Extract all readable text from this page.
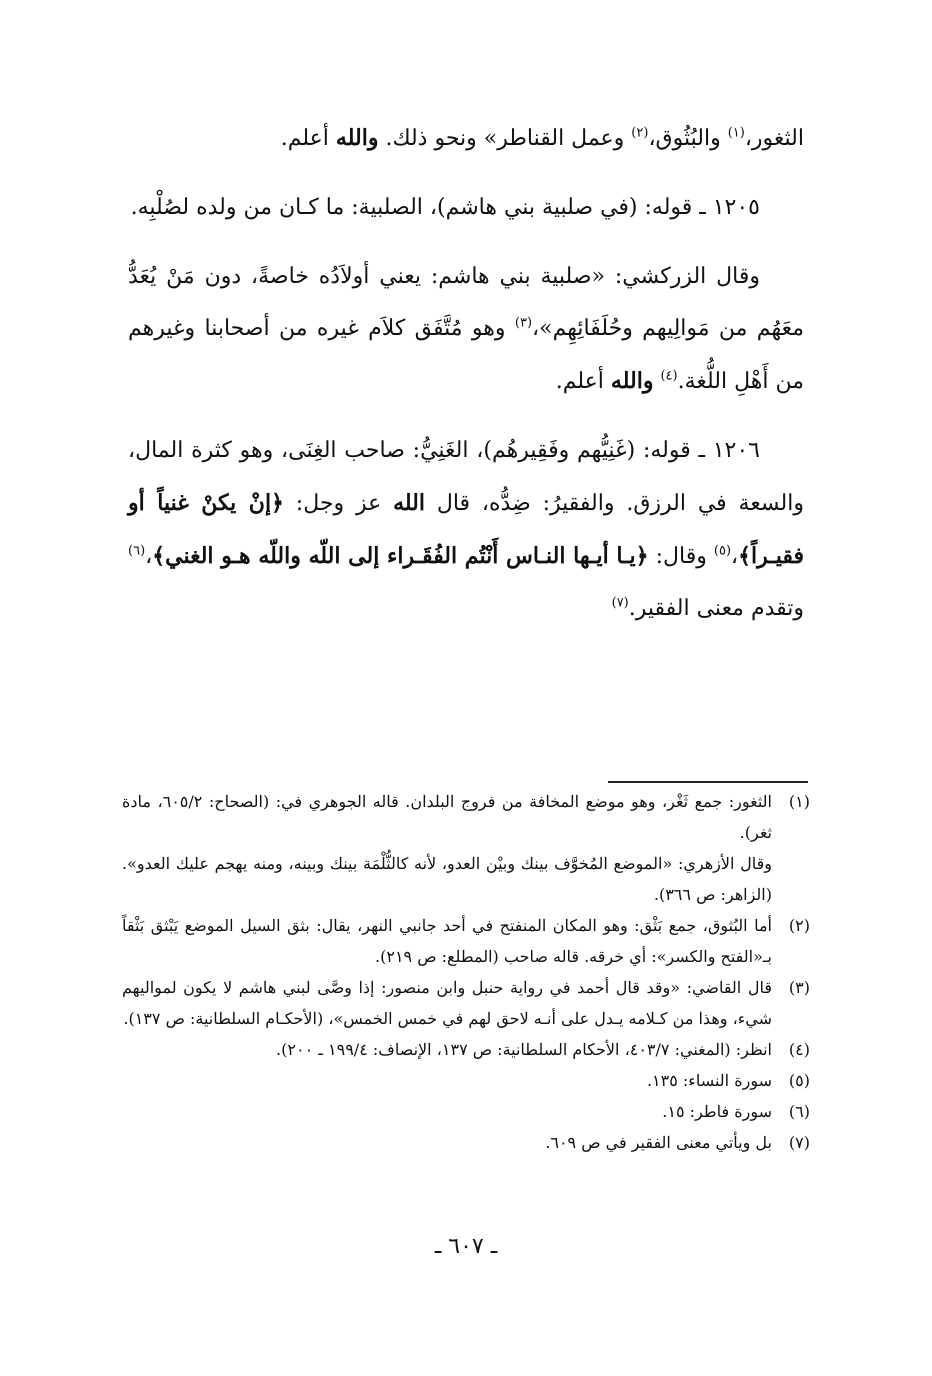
الثغور،$^{(١)}$ والبُثُوق،$^{(٢)}$ وعمل القناطر» ونحو ذلك. والله أعلم.

١٢٠٥ ـ قوله: (في صلبية بني هاشم)، الصلبية: ما كـان من ولده لصُلْبِه.

وقال الزركشي: «صلبية بني هاشم: يعني أولاَدُه خاصةً، دون مَنْ يُعَدُّ معَهُم من مَوالِيهم وحُلَفَائِهِم»،$^{(٣)}$ وهو مُتَّفَق كلاَم غيره من أصحابنا وغيرهم من أَهْلِ اللُّغة.$^{(٤)}$ والله أعلم.

١٢٠٦ ـ قوله: (غَنِيُّهم وفَقِيرهُم)، الغَنِيُّ: صاحب الغِنَى، وهو كثرة المال، والسعة في الرزق. والفقيرُ: ضِدُّه، قال الله عز وجل: ﴿إنْ يكنْ غنياً أو فقيـراً﴾،$^{(٥)}$ وقال: ﴿يـا أيـها النـاس أَنْتُم الفُقَـراء إلى اللّه واللّه هـو الغني﴾،$^{(٦)}$ وتقدم معنى الفقير.$^{(٧)}$

(١)
الثغور: جمع ثَغْر، وهو موضع المخافة من فروج البلدان. قاله الجوهري في: (الصحاح: ٦٠٥/٢، مادة ثغر).
وقال الأزهري: «الموضع المُخوَّف بينك وبيْن العدو، لأنه كالثُّلْمَة بينك وبينه، ومنه يهجم عليك العدو». (الزاهر: ص ٣٦٦).
(٢)
أما البُثوق، جمع بَثْق: وهو المكان المنفتح في أحد جانبي النهر، يقال: بثق السيل الموضع يَبْثق بَثْقاً بـ«الفتح والكسر»: أي خرقه. قاله صاحب (المطلع: ص ٢١٩).
(٣)
قال القاضي: «وقد قال أحمد في رواية حنبل وابن منصور: إذا وصَّى لبني هاشم لا يكون لمواليهم شيء، وهذا من كـلامه يـدل على أنـه لاحق لهم في خمس الخمس»، (الأحكـام السلطانية: ص ١٣٧).
(٤)
انظر: (المغني: ٤٠٣/٧، الأحكام السلطانية: ص ١٣٧، الإنصاف: ١٩٩/٤ ـ ٢٠٠).
(٥)
سورة النساء: ١٣٥.
(٦)
سورة فاطر: ١٥.
(٧)
بل ويأتي معنى الفقير في ص ٦٠٩.
ـ ٦٠٧ ـ
